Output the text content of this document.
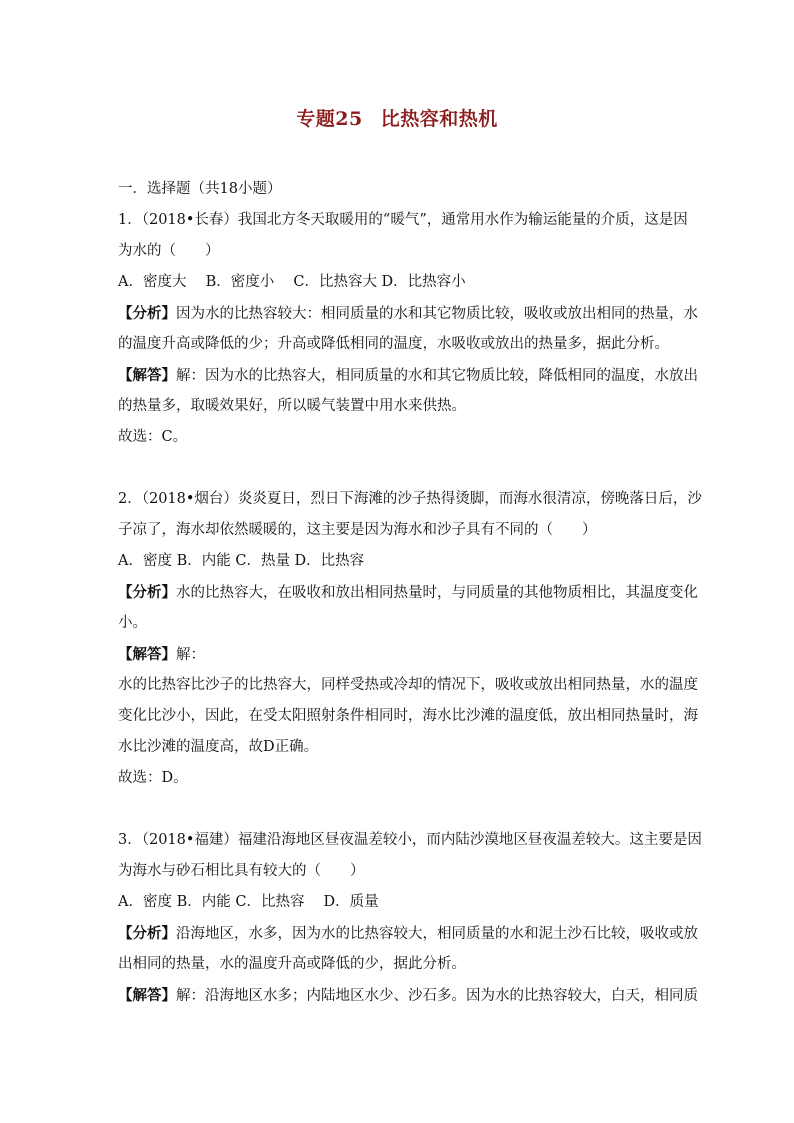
专题25 比热容和热机
一．选择题（共18小题）
1．（2018•长春）我国北方冬天取暖用的“暖气”，通常用水作为输运能量的介质，这是因
为水的（　　）
A．密度大　 B．密度小　 C．比热容大 D．比热容小
【分析】因为水的比热容较大：相同质量的水和其它物质比较，吸收或放出相同的热量，水
的温度升高或降低的少；升高或降低相同的温度，水吸收或放出的热量多，据此分析。
【解答】解：因为水的比热容大，相同质量的水和其它物质比较，降低相同的温度，水放出
的热量多，取暖效果好，所以暖气装置中用水来供热。
故选：C。
2．（2018•烟台）炎炎夏日，烈日下海滩的沙子热得烫脚，而海水很清凉，傍晚落日后，沙
子凉了，海水却依然暖暖的，这主要是因为海水和沙子具有不同的（　　）
A．密度 B．内能 C．热量 D．比热容
【分析】水的比热容大，在吸收和放出相同热量时，与同质量的其他物质相比，其温度变化
小。
【解答】解：
水的比热容比沙子的比热容大，同样受热或冷却的情况下，吸收或放出相同热量，水的温度
变化比沙小，因此，在受太阳照射条件相同时，海水比沙滩的温度低，放出相同热量时，海
水比沙滩的温度高，故D正确。
故选：D。
3．（2018•福建）福建沿海地区昼夜温差较小，而内陆沙漠地区昼夜温差较大。这主要是因
为海水与砂石相比具有较大的（　　）
A．密度 B．内能 C．比热容　 D．质量
【分析】沿海地区，水多，因为水的比热容较大，相同质量的水和泥土沙石比较，吸收或放
出相同的热量，水的温度升高或降低的少，据此分析。
【解答】解：沿海地区水多；内陆地区水少、沙石多。因为水的比热容较大，白天，相同质
